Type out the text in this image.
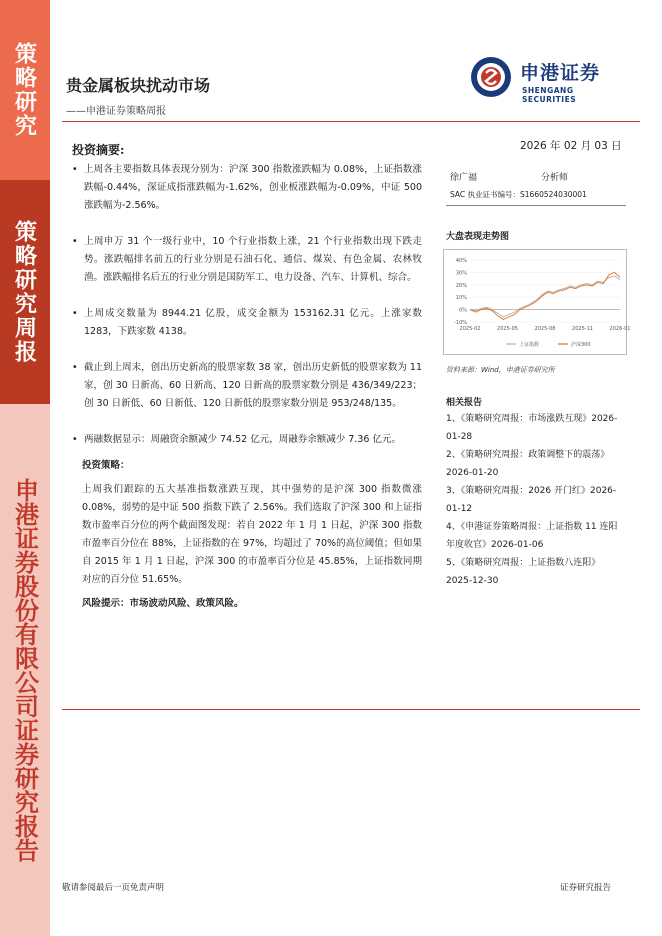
策略研究
策略研究周报
申港证券股份有限公司证券研究报告
贵金属板块扰动市场
——申港证券策略周报
申港证券
SHENGANG SECURITIES
投资摘要:
• 上周各主要指数具体表现分别为：沪深 300 指数涨跌幅为 0.08%，上证指数涨跌幅-0.44%，深证成指涨跌幅为-1.62%，创业板涨跌幅为-0.09%，中证 500 涨跌幅为-2.56%。
• 上周申万 31 个一级行业中，10 个行业指数上涨，21 个行业指数出现下跌走势。涨跌幅排名前五的行业分别是石油石化、通信、煤炭、有色金属、农林牧渔。涨跌幅排名后五的行业分别是国防军工、电力设备、汽车、计算机、综合。
• 上周成交数量为 8944.21 亿股，成交金额为 153162.31 亿元。上涨家数 1283，下跌家数 4138。
• 截止到上周末，创出历史新高的股票家数 38 家，创出历史新低的股票家数为 11 家，创 30 日新高、60 日新高、120 日新高的股票家数分别是 436/349/223；创 30 日新低、60 日新低、120 日新低的股票家数分别是 953/248/135。
• 两融数据显示：周融资余额减少 74.52 亿元，周融券余额减少 7.36 亿元。
投资策略：
上周我们跟踪的五大基准指数涨跌互现，其中强势的是沪深 300 指数微涨 0.08%，弱势的是中证 500 指数下跌了 2.56%。我们选取了沪深 300 和上证指数市盈率百分位的两个截面图发现：若自 2022 年 1 月 1 日起，沪深 300 指数市盈率百分位在 88%，上证指数的在 97%，均超过了 70%的高位阈值；但如果自 2015 年 1 月 1 日起，沪深 300 的市盈率百分位是 45.85%，上证指数同期对应的百分位 51.65%。
风险提示：市场波动风险、政策风险。
2026 年 02 月 03 日
徐广福	分析师
SAC 执业证书编号：S1660524030001
大盘表现走势图
40%
30%
20%
10%
0%
-10%
2025-02	2025-05	2025-08	2025-11	2026-01
上证指数	沪深300
资料来源：Wind，申港证券研究所
相关报告

1、《策略研究周报：市场涨跌互现》2026-01-28

2、《策略研究周报：政策调整下的震荡》2026-01-20

3、《策略研究周报：2026 开门红》2026-01-12

4、《申港证券策略周报：上证指数 11 连阳年度收官》2026-01-06

5、《策略研究周报：上证指数八连阳》2025-12-30

敬请参阅最后一页免责声明	证券研究报告
